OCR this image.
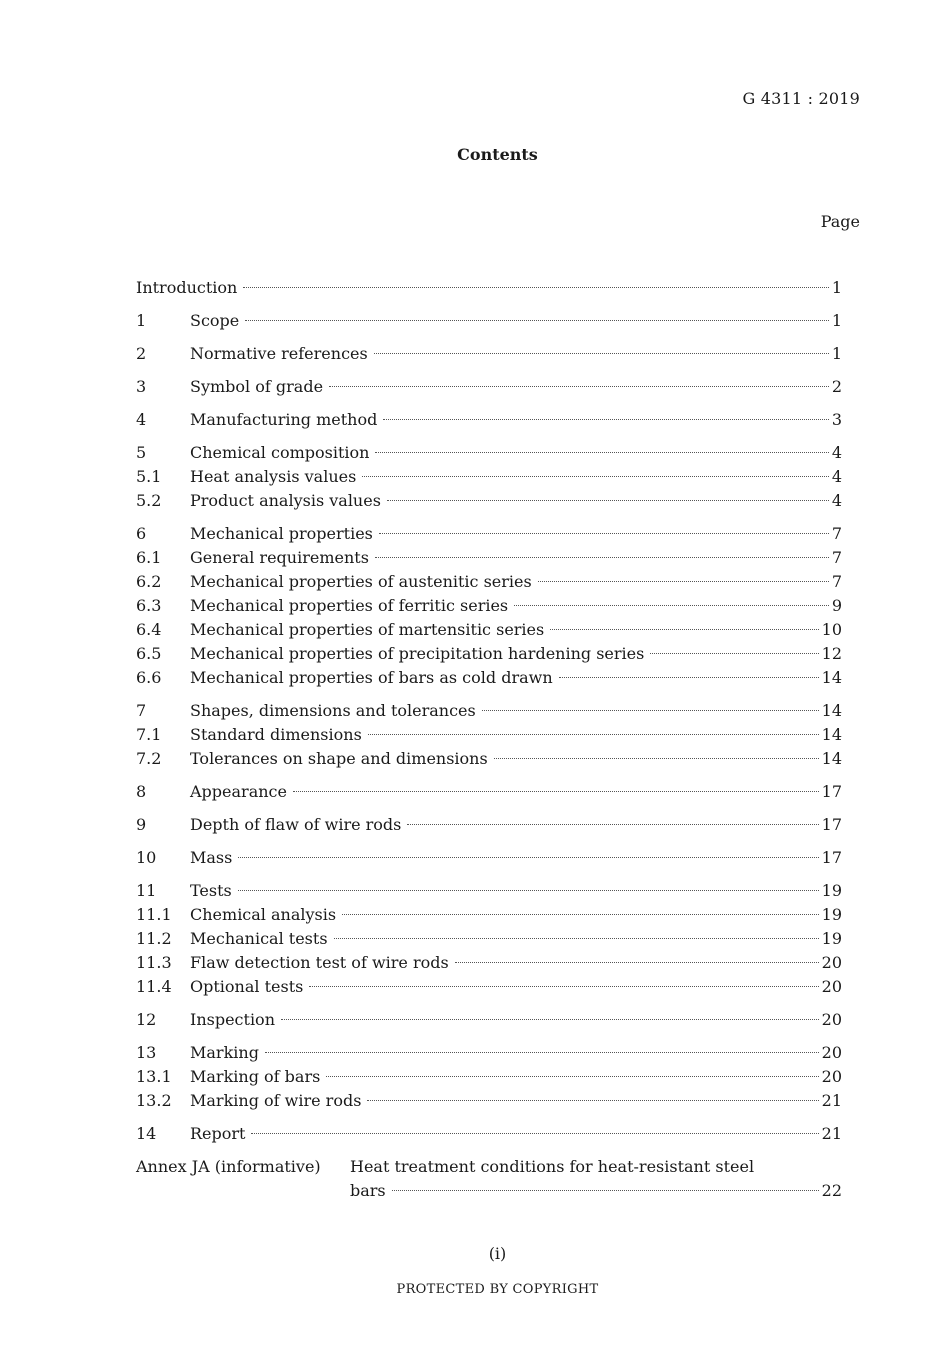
G 4311 : 2019
Contents
Page
Introduction	1
1	Scope	1
2	Normative references	1
3	Symbol of grade	2
4	Manufacturing method	3
5	Chemical composition	4
5.1	Heat analysis values	4
5.2	Product analysis values	4
6	Mechanical properties	7
6.1	General requirements	7
6.2	Mechanical properties of austenitic series	7
6.3	Mechanical properties of ferritic series	9
6.4	Mechanical properties of martensitic series	10
6.5	Mechanical properties of precipitation hardening series	12
6.6	Mechanical properties of bars as cold drawn	14
7	Shapes, dimensions and tolerances	14
7.1	Standard dimensions	14
7.2	Tolerances on shape and dimensions	14
8	Appearance	17
9	Depth of flaw of wire rods	17
10	Mass	17
11	Tests	19
11.1	Chemical analysis	19
11.2	Mechanical tests	19
11.3	Flaw detection test of wire rods	20
11.4	Optional tests	20
12	Inspection	20
13	Marking	20
13.1	Marking of bars	20
13.2	Marking of wire rods	21
14	Report	21
Annex JA (informative)	Heat treatment conditions for heat-resistant steel
bars	22
(i)
PROTECTED BY COPYRIGHT
